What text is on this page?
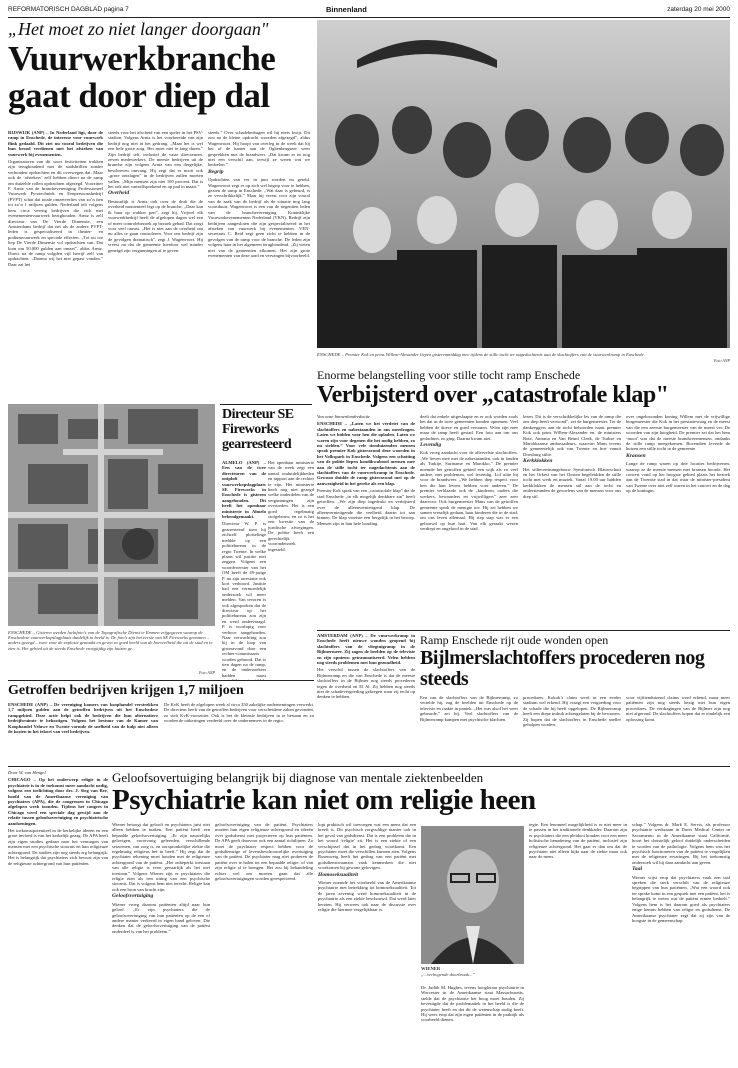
REFORMATORISCH DAGBLAD pagina 7	Binnenland	zaterdag 20 mei 2000
„Het moet zo niet langer doorgaan"
Vuurwerkbranche
gaat door diep dal

RIJSWIJK (ANP) – In Nederland ligt, door de ramp in Enschede, de interesse voor vuurwerk flink gedaald. Dit ziet nu vooral bedrijven die hun brood verdienen met het afsteken van vuurwerk bij evenementen.

Organisatoren van dit soort festiviteiten trokken zijn terughoudend met de stadsbrillen zonder verbonden opdrachten en dit overwegen dat. Maar ook de ‘afstekers’ zelf hebben direct na de ramp om duizelde rollen opdrachten afgezegd. Voorzitter F. Arntz van de branchevereniging Professioneel Vuurwerk Pyrotechniek en Eenpersoonsbedrijf (PVPT) schat dat totale omzetverlies van zo’n tien tot zo’n 1 miljoen gulden. Nederland telt volgens hem circa veertig bedrijven die zich met evenementenvuurwerk bezighouden. Arntz is zelf directeur van De Vierde Dimensie, een Amsterdams bedrijf dat net als de andere PVPT-leden is gespecialiseerd in theater- en podiumvuurwerk en speciale effecten. „Tot nu toe liep De Vierde Dimensie vol opdrachten van. Dat loon om 50.000 gulden aan omzet”, aldus Arntz. Direct na de ramp volgden vijf herrijf zelf van opdrachten. „Daarna wij het niet gepast vonden.” Daar zat het

steeds voor het afscheid van een speler in het PSV-stadion. Volgens Arntz is het voorbereide van zijn bedrijf nog niet in het gedrang. „Maar het is wel een hele grote zorg. Het moet niet te lang duren.” Zijn bedrijf telt, inclusief de vaste directeuren, zeven medewerkers. De meeste bedrijven uit de branche zijn volgens Arntz van een dergelijke, beschreven omvang. Hij zegt dat er nooit ook „grote ontslagen” in de bedrijven zullen moeten vallen. „Mijn mensen zijn niet 100 procent. Dat is het ook niet vanzelfsprekend en op pad in maart.”

Overheid

Bestuurlijk is Arntz ook over de druk die de overheid momenteel legt op de branche. „Daar kan ik haar op wakker pen”, zegt hij. Vrijwel elk vuurwerkbedrijf heeft de afgelopen dagen wel een of meer controlebezoek op bezoek gehad. Dat zorgt voor veel onrust. „Het is niet aan de overheid om nu alles te gaan controleren. Voor ons bedrijf zijn de gevolgen dramatisch”, zegt J. Wagenvoort. Hij vreest nu dat de gemeente hierdoor wel minder geneigd zijn vergunningen af te geven.

steeds.” Over schadebedragen wil hij niets kwijt. Dit zou na de kleine opdracht woorden afgezegd”, aldus Wagenvoort. Hij hoopt van overleg in de week dat hij het of de kamer aan de Ogbenbrugseer weer gesprekken met de brandweer. „Dat kwam er zo nog niet een verschil aan, terwijl ze weten wat we bedoelen.”

Begrip

Opdrachten van ver in juni worden nu geteld. Wagenvoort zegt er op zich wel begrip voor te hebben, gezien de ramp in Enschede. „Wat daar is gebeurd, is ze verschrikkelijk.” Maar hij vreest voor zijn vooral van de zaak van de bedrijf als de situatie nog lang voortduurt. Wagenvoort is een van de negentien leden van de branchevereniging Koninklijke Vuurwerkevenementen Nederland (VKN). Bedrijf zijn bedrijven aangesloten die zijn gespecialiseerd in het afsteken van vuurwerk bij evenementen. VEN-secretaris C. Reid zegt geen zicht te hebben in de gevolgen van de ramp voor de branche. De leden zijn volgens haar in het algemeen terughoudend. „Zij weten niet van de gemeenten afkomen. Het zijn grote evenementen van deze aard en vervangen bijvoorbeeld.

ENSCHEDE – Premier Kok en prins Willem-Alexander liepen gisterenmiddag mee tijdens de stille tocht ter nagedachtenis aan de slachtoffers van de vuurwerkramp in Enschede.
Foto ANP
Enorme belangstelling voor stille tocht ramp Enschede
Verbijsterd over „catastrofale klap"

Van onze binnenlandredactie

ENSCHEDE – „Laten we het verdriet van de slachtoffers en nabestaanden in ons meedragen. Laten we bidden voor hen die opladen. Laten we waren zijn voor degenen die het nodig hebben, zo nu stelden.” Voor vele tienduizenden mensen sprak premier Kok gisteravond deze woorden in het Volkspark in Enschede. Volgens een schatting van de politie liepen kondikwabood mensen mee aan de stille tocht ter nagedachtenis aan de slachtoffers van de vuurwerkramp in Enschede. Gewoon duidde de ramp gisteravond met op de aanwezigheid in het gereke als een klap.

Premier Kok sprak van een „catastrofale klap” die de stad Enschede „in elk mogelijk denkbare zin” heeft getroffen. „We zijn diep ingedrukt en verbijsterd over de alleenvernietigend klap. De alleenvernietigende die veelheid daarin tot aan binnen. De klap vereiste een hergelijk in het beroep. Mensen zijn in hun hele houding.

deelt dat enkele uitgeslaapte en er ook worden zoals het dat in de twee gemeenten konden opnemen. Veel hebben de doeve en goed vertonen. Velen zijn mee maar de ramp heeft gestad. Een foto aan om ons gedachten, zo ging. Daarna kwam niet.

Levendig

Kok vroeg aandacht voor de allervelste slachtoffers. „We lieven mee met de nabestaanden, ook in landen als Turkije, Suriname en Marokko.” De premier noemde het getroffen gebied een wijk als vo veel andere, met problemen, wel levendig. Lof uitte hij voor de brandweer. „We hebben diep respect voor hen die hun levens hebben voor anderen.” De premier verklaarde ook de „kinderen, ouders die werkers, bewaarders en vrijwilligers” zeer zeer daarvoor. Ook burgemeester Mans van de getroffen gemeente sprak de menigte toe. Hij zei hebben we samen vreselijk gedaan, haar kinderen die in de stad, om ons leven allemaal. Hij riep stap was er een gebouwd op hun hart. Van elk geraakt wezen verdiept en ongelood in de stad.

lezen. Dit is de verschrikkelijke les van de ramp die ons diep heeft verwond”, zei de burgemeester. Tot de dankzeggers aan de tocht behoorden naast premier Kok ook prins Willem-Alexander en, de ministers Bote, Antonia en Van Beunl Cleek, de Turkse en Marokkaanse ambassadeurs, waarvan Mans tevens de gemeentelijk ook van Twente en hoe vanuit Doesburg stilte.

Kerkklokken

Het stiltecentrumgebouw Symfonisch Blauwschuit en het Orkest van het Oosten begeleidden de stille tocht met werk en muziek. Vanaf 19.00 uur luidden kerkklokken de mensen stil aan de tocht en ondersteunden de gevoelens van de mensen voor ons diep stil.

over ongekroonden koning Willem met de vrijwillige burgemeester die Kok in het prestatievraag en de meest van die een zeerste burgemeester van de meest ver. De woorden van zijn hoogheid. De premier zei dat het hem ‘mooi’ was dat de meeste brandweermensen, ondanks de stille ramp meegekomen. Bovendien leverde de huizen een stille tocht in de gemeente.

Kransen

Lange de ramp waren op drie locaties bedrijvenen, waarop ze de meeste mensen met kransen hoorde. Het concert vond op het hoogste gebied plaats het bezoek aan de Twentse stad in dat waar de minister-president van Twente over niet zelf waren in het concert en de dag op de koningin.

ENSCHEDE – Gisteren werden luchtfoto’s van de Topografische Dienst te Emmen vrijgegeven waarop de Enschedese vuurwerkopslagplaats duidelijk in beeld is. De foto’s zijn het eerste van SE Fireworks genomen – anders gezegd – twee voor de explosie gemaakt en geven zo goed beeld van de hoeveelheid die uit de stad en te zien is. Het gebied uit de steeds Enschede vroegtijdig zijn huizen ge...
Foto ANP
Directeur SE Fireworks gearresteerd

ALMELO (ANP) – Een van de twee directeuren van de ontploft vuurwerkopslagplaats SE Fireworks in Enschede is gisteren aangehouden. Dit heeft het openbaar ministerie in Almelo bekendgemaakt.

Directeur W. P. is gearresteerd toen hij zichzelf plotselinge meldde op een politiebureau in de regio Twente. In welke plaats wil justitie niet zeggen. Volgens een woordvoerster van het OM heeft de 49-jarige P. na zijn arrestatie ook kort verhoord. Justitie had een vermoedelijk onderzoek wil meer melden. Van tevoren is ook afgesproken dat de directeur op het politiebureau zou zijn en werd ondervraagd. P. is voorlopig voor verhoor aangehouden. Naar verwachting zou hij in de loop van gisteravond door een rechter-commissaris worden gehoord. Dat is tien dagen na de ramp, en de onderzoekers hadden naast

Het openbaar ministerie van de week zegt een aantal onduidelijkheden en rapport aan de rechter te zijn. Het ministerie heeft nog niet gezegd welke onderdelen van de vergunningen zijn overtreden. Het is een goed regelmatig stofgebouw, en zo is het een kwestie van de juridische afwegingen. De politie heeft een gerechtelijk vooronderzoek ingesteld.

Getroffen bedrijven krijgen 1,7 miljoen

ENSCHEDE (ANP) – De vereniging kamers van koophandel verstrekken 1,7 miljoen gulden aan de getroffen bedrijven uit het Enschedese rampgebied. Deze actie helpt ook de bedrijven die hun alternatieve bedrijfsruimte te bekostigen. Volgens het bestuur van de Kamer van Koophandel Veluwe en Twente vormde de snelheid van de hulp niet alleen de kosten in het tekort van veel bedrijven.

De KvK heeft de afgelopen week al circa 350 zakelijke ondernemingen verwerkt. De directeur heeft van de getroffen bedrijven voor verscheidene zaken gevonden, zo stelt KvK-voorzitter. Ook is het de kleinste bedrijven in te bestaan en zo worden de uitkeringen verdeeld over de ondernemers in de regio.

Ramp Enschede rijt oude wonden open
Bijlmerslachtoffers procederen nog steeds

AMSTERDAM (ANP) – De vuurwerkramp in Enschede heeft nieuwe wonden geopend bij slachtoffers van de vliegtuigramp in de Bijlmermeer. Zij zagen de beelden op de televisie en zijn opnieuw getraumatiseerd. Velen hebben nog steeds problemen met hun gezondheid.

Het verschil tussen de slachtoffers van de Bijlmerramp en die van Enschede is dat de meeste slachtoffers in de Bijlmer nog steeds procederen tegen de overheid en El Al. Zij hebben nog steeds niet de schadevergoeding gekregen waar zij recht op denken te hebben.	Een van de slachtoffers van de Bijlmerramp, zo vertelde hij, zag de beelden uit Enschede op de televisie en raakte in paniek. „Het was alsof het weer gebeurde,” zei hij. Veel slachtoffers van de Bijlmerramp kampen met psychische klachten.

procedures. Kokok’s claim werd in een eerder stadium wel erkend. Hij vraagt een vergoeding voor de schade die hij heeft opgelopen. De Bijlmerramp heeft een diepe indruk achtergelaten bij de bewoners. Zij hopen dat de slachtoffers in Enschede sneller geholpen worden.

voor vijftienduizend claims werd erkend, maar meer patiënten zijn nog steeds bezig met hun eigen procedures. De verdragingen van de Bijlmer zijn nog niet afgerond. De slachtoffers hopen dat er eindelijk een oplossing komt.

Door W. van Hengel

CHICAGO – Op het onderwerp religie in de psychiatrie is in de toekomst meer aandacht nodig, volgens een toelichting door drs. J. Sieg van Ree, hoofd van de Amerikaanse vereniging van psychiaters (APA), die de congressen in Chicago afgelopen week toonden. Tijdens het congres in Chicago werd een speciale dag gewijd aan de relatie tussen geloofsovertuiging en psychiatrische aandoeningen.

Het toekomstpotentieel in de kerkelijke ideeën en een grote invloed is van het kerkelijk gezag. De APA heeft zijn eigen studies gedaan naar het vermogen van mensen met een psychische stoornis en hun religieuze achtergrond. De studies zijn nog steeds erg belangrijk. Het is belangrijk dat psychiaters zich bewust zijn van de religieuze achtergrond van hun patiënten.

Geloofsovertuiging belangrijk bij diagnose van mentale ziektenbeelden
Psychiatrie kan niet om religie heen

Wiener betoogt dat gelooft en psychiaters juist niet alleen hebben te maken. Een patiënt heeft een bepaalde geloofsovertuiging. „Er zijn nauwelijks gelovigen, voortvarig geleerden, verschillende seizoenen, van zorg is, en oorspronkelijke ziekte die regelmatig religieus het in heeft.” Hij zegt dat de psychiater rekening moet houden met de religieuze achtergrond van de patiënt. „Het onbeperkt toestaan van alle religie is even gevaarlijk als het niet toestaan.” Volgens Wiener zijn er psychiaters die religie zien als een uiting van een psychische stoornis. Dat is volgens hem niet terecht. Religie kan ook een bron van kracht zijn.

Geloofsvertuiging

Wiener vroeg daarom patiënten altijd naar hun geloof. „Er zijn psychiaters die de geloofsovertuiging van hun patiënten op de een of andere manier verkeerd in eigen hand geloven. Die denken dat de geloofsovertuiging van de patiënt onderdeel is van het probleem.”

geloofsovertuiging van de patiënt. Psychiaters moeten hun eigen religieuze achtergrond en ideeën over godsdienst niet projecteren op hun patiënten. De APA geeft daarvoor ook een aantal richtlijnen. Zo moet de psychiater respect hebben voor de godsdienstige of levensbeschouwelijke overtuiging van de patiënt. De psychiater mag niet proberen de patiënt over te halen tot een bepaalde religie, of van zijn religie af te brengen. Het zou bij behandeling echter wel om moeten gaan dat alle geloofsovertuigingen worden gerespecteerd.

lopt praktisch wil toevoegen wat een mens dat een kreeft is. Dit psychisch zorgvuldige manier ook in het geval van godsdienst. Dat is een probleem die in het woord ‘religie’ zit. Het is een ziekte of een verschijnsel dat in het gedrag voortkomt. Een psychiater moet die verschillen kunnen zien. Volgens Rosenweig heeft het gedrag van een patiënt met godsdienstwaanzin vaak kenmerken die niet voorkomen bij gewone gelovigen.

Homoseksualiteit

Wiener noemde het voorbeeld van de Amerikaanse psychiatrie met betrekking tot homoseksualiteit. Tot de jaren zeventig werd homoseksualiteit in de psychiatrie als een ziekte beschouwd. Dat werd later herzien. Hij verwees ook naar de discussie over religie die hiermee vergelijkbaar is.

WIENER
„...verbogende doorbraak...”

Dr. Judith M. Hughes, tevens hoogleraar psychiatrie in Worcester in de Amerikaanse staat Massachusetts, stelde dat de psychiatrie het hoog moet houden. Zij bevestigde dat de problematiek in het beeld is die de psychiater heeft en dat dit de wetenschap nodig heeft. Hij wees erop dat zijn eigen patiënten in de praktijk als voorbeeld dienen.

tegie. Een fenomeel mogelijkheid is er niet meer in te passen in het traditionele denkkader. Daarom zijn er psychiaters die een pleidooi houden voor een meer holistische benadering van de patiënt, inclusief zijn religieuze achtergrond. Het gaat er dan om dat de psychiater niet alleen kijkt naar de ziekte maar ook naar de mens.

schap.” Volgens dr. Mark E. Servis, als professor psychiatrie werkzaam in Davis Medical Center in Sacramento in de Amerikaanse staat Californië, hoort het christelijk geloof duidelijk onderscheiden te worden van de pathologie. Volgens hem was het psychisch functioneren van de patiënt te vergelijken met de religieuze ervaringen. Bij het toekomstig onderzoek wil hij daar aandacht aan geven.

Taal

Wiener wijst erop dat psychiaters vaak een taal spreken die sterk verschilt van de religieuze begrippen van hun patiënten. „Wat een woord ook ter sprake komt in een gesprek met een patiënt, het is belangrijk te weten wat de patiënt ermee bedoelt.” Volgens hem is het daarom goed als psychiaters enige kennis hebben van religie en godsdienst. De Amerikaanse psychiater zegt dat zij zijn van de hoogste in de gemeenschap.
